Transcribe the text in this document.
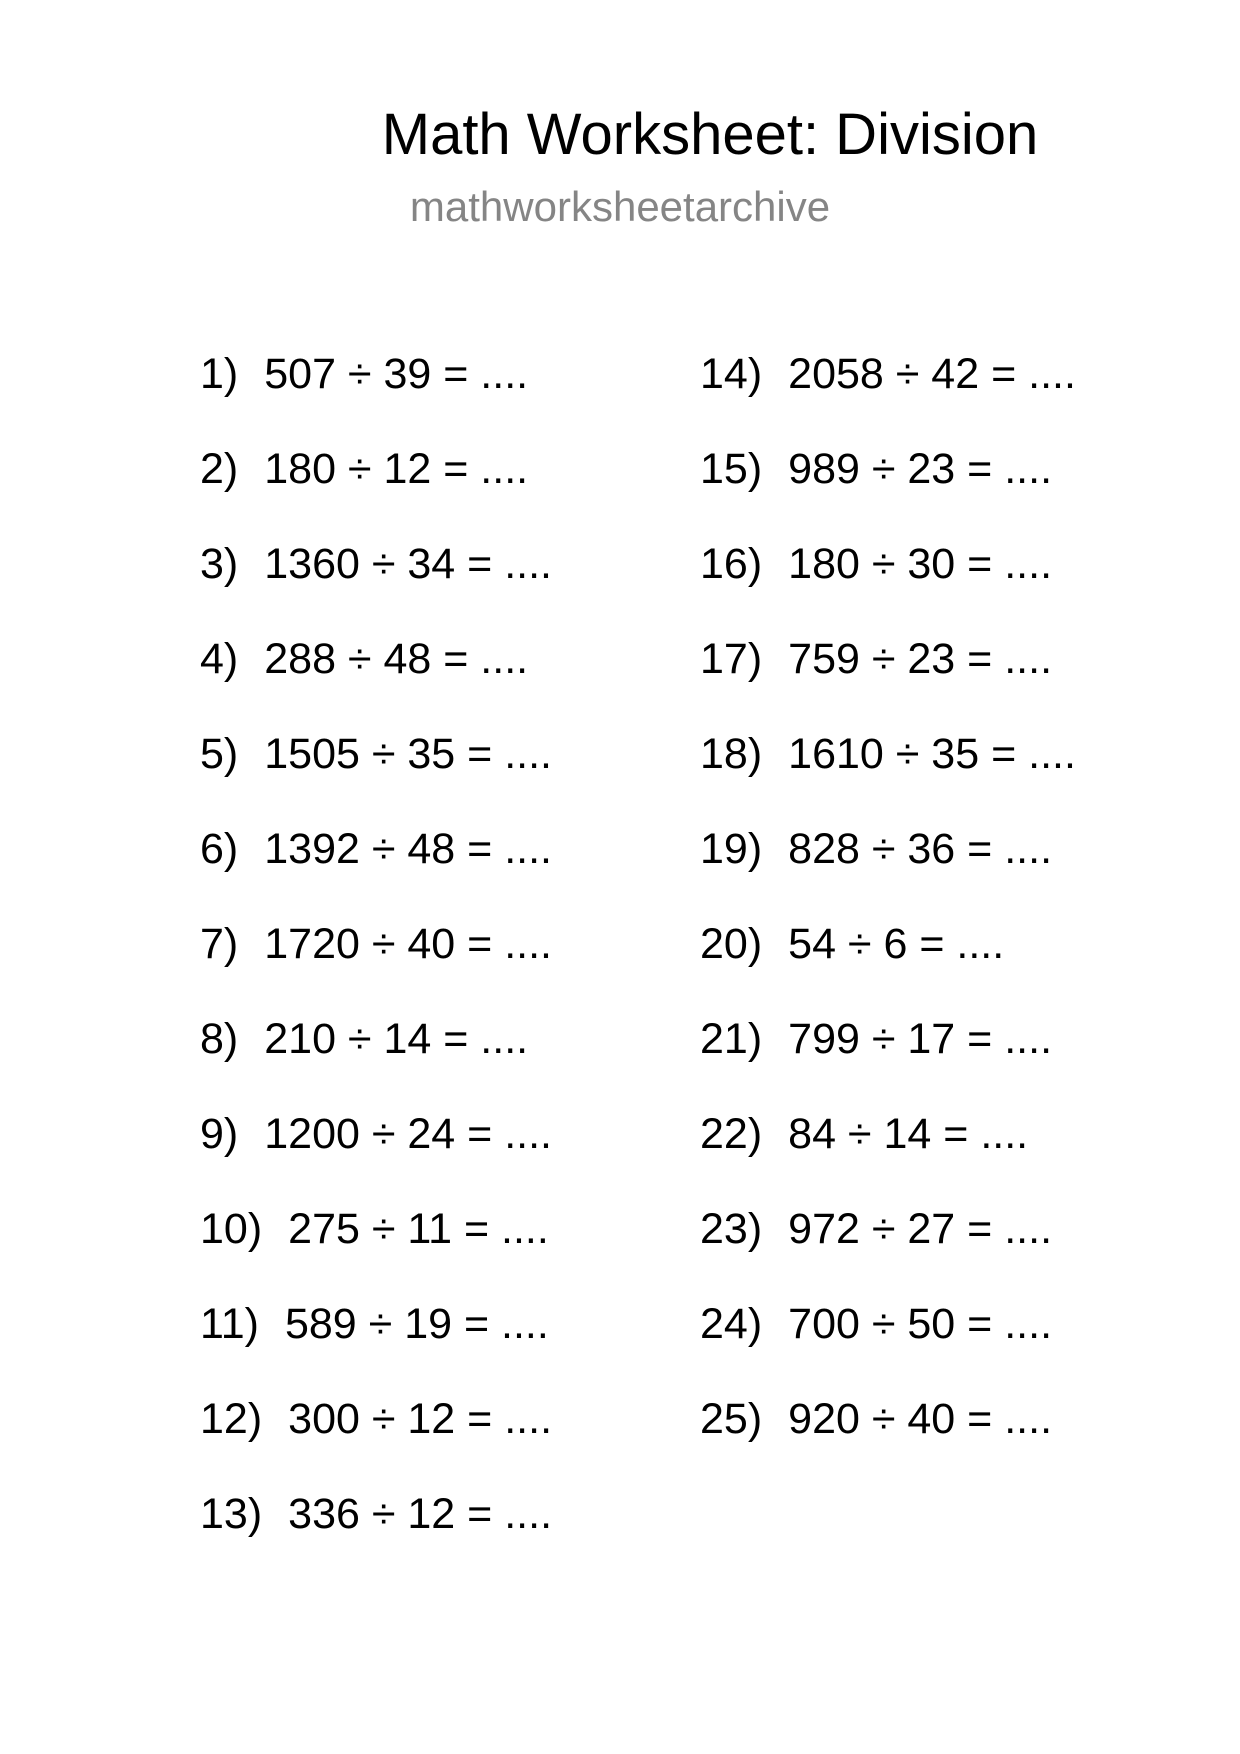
Math Worksheet: Division
mathworksheetarchive
1) 507 ÷ 39 = ....
2) 180 ÷ 12 = ....
3) 1360 ÷ 34 = ....
4) 288 ÷ 48 = ....
5) 1505 ÷ 35 = ....
6) 1392 ÷ 48 = ....
7) 1720 ÷ 40 = ....
8) 210 ÷ 14 = ....
9) 1200 ÷ 24 = ....
10) 275 ÷ 11 = ....
11) 589 ÷ 19 = ....
12) 300 ÷ 12 = ....
13) 336 ÷ 12 = ....
14) 2058 ÷ 42 = ....
15) 989 ÷ 23 = ....
16) 180 ÷ 30 = ....
17) 759 ÷ 23 = ....
18) 1610 ÷ 35 = ....
19) 828 ÷ 36 = ....
20) 54 ÷ 6 = ....
21) 799 ÷ 17 = ....
22) 84 ÷ 14 = ....
23) 972 ÷ 27 = ....
24) 700 ÷ 50 = ....
25) 920 ÷ 40 = ....
